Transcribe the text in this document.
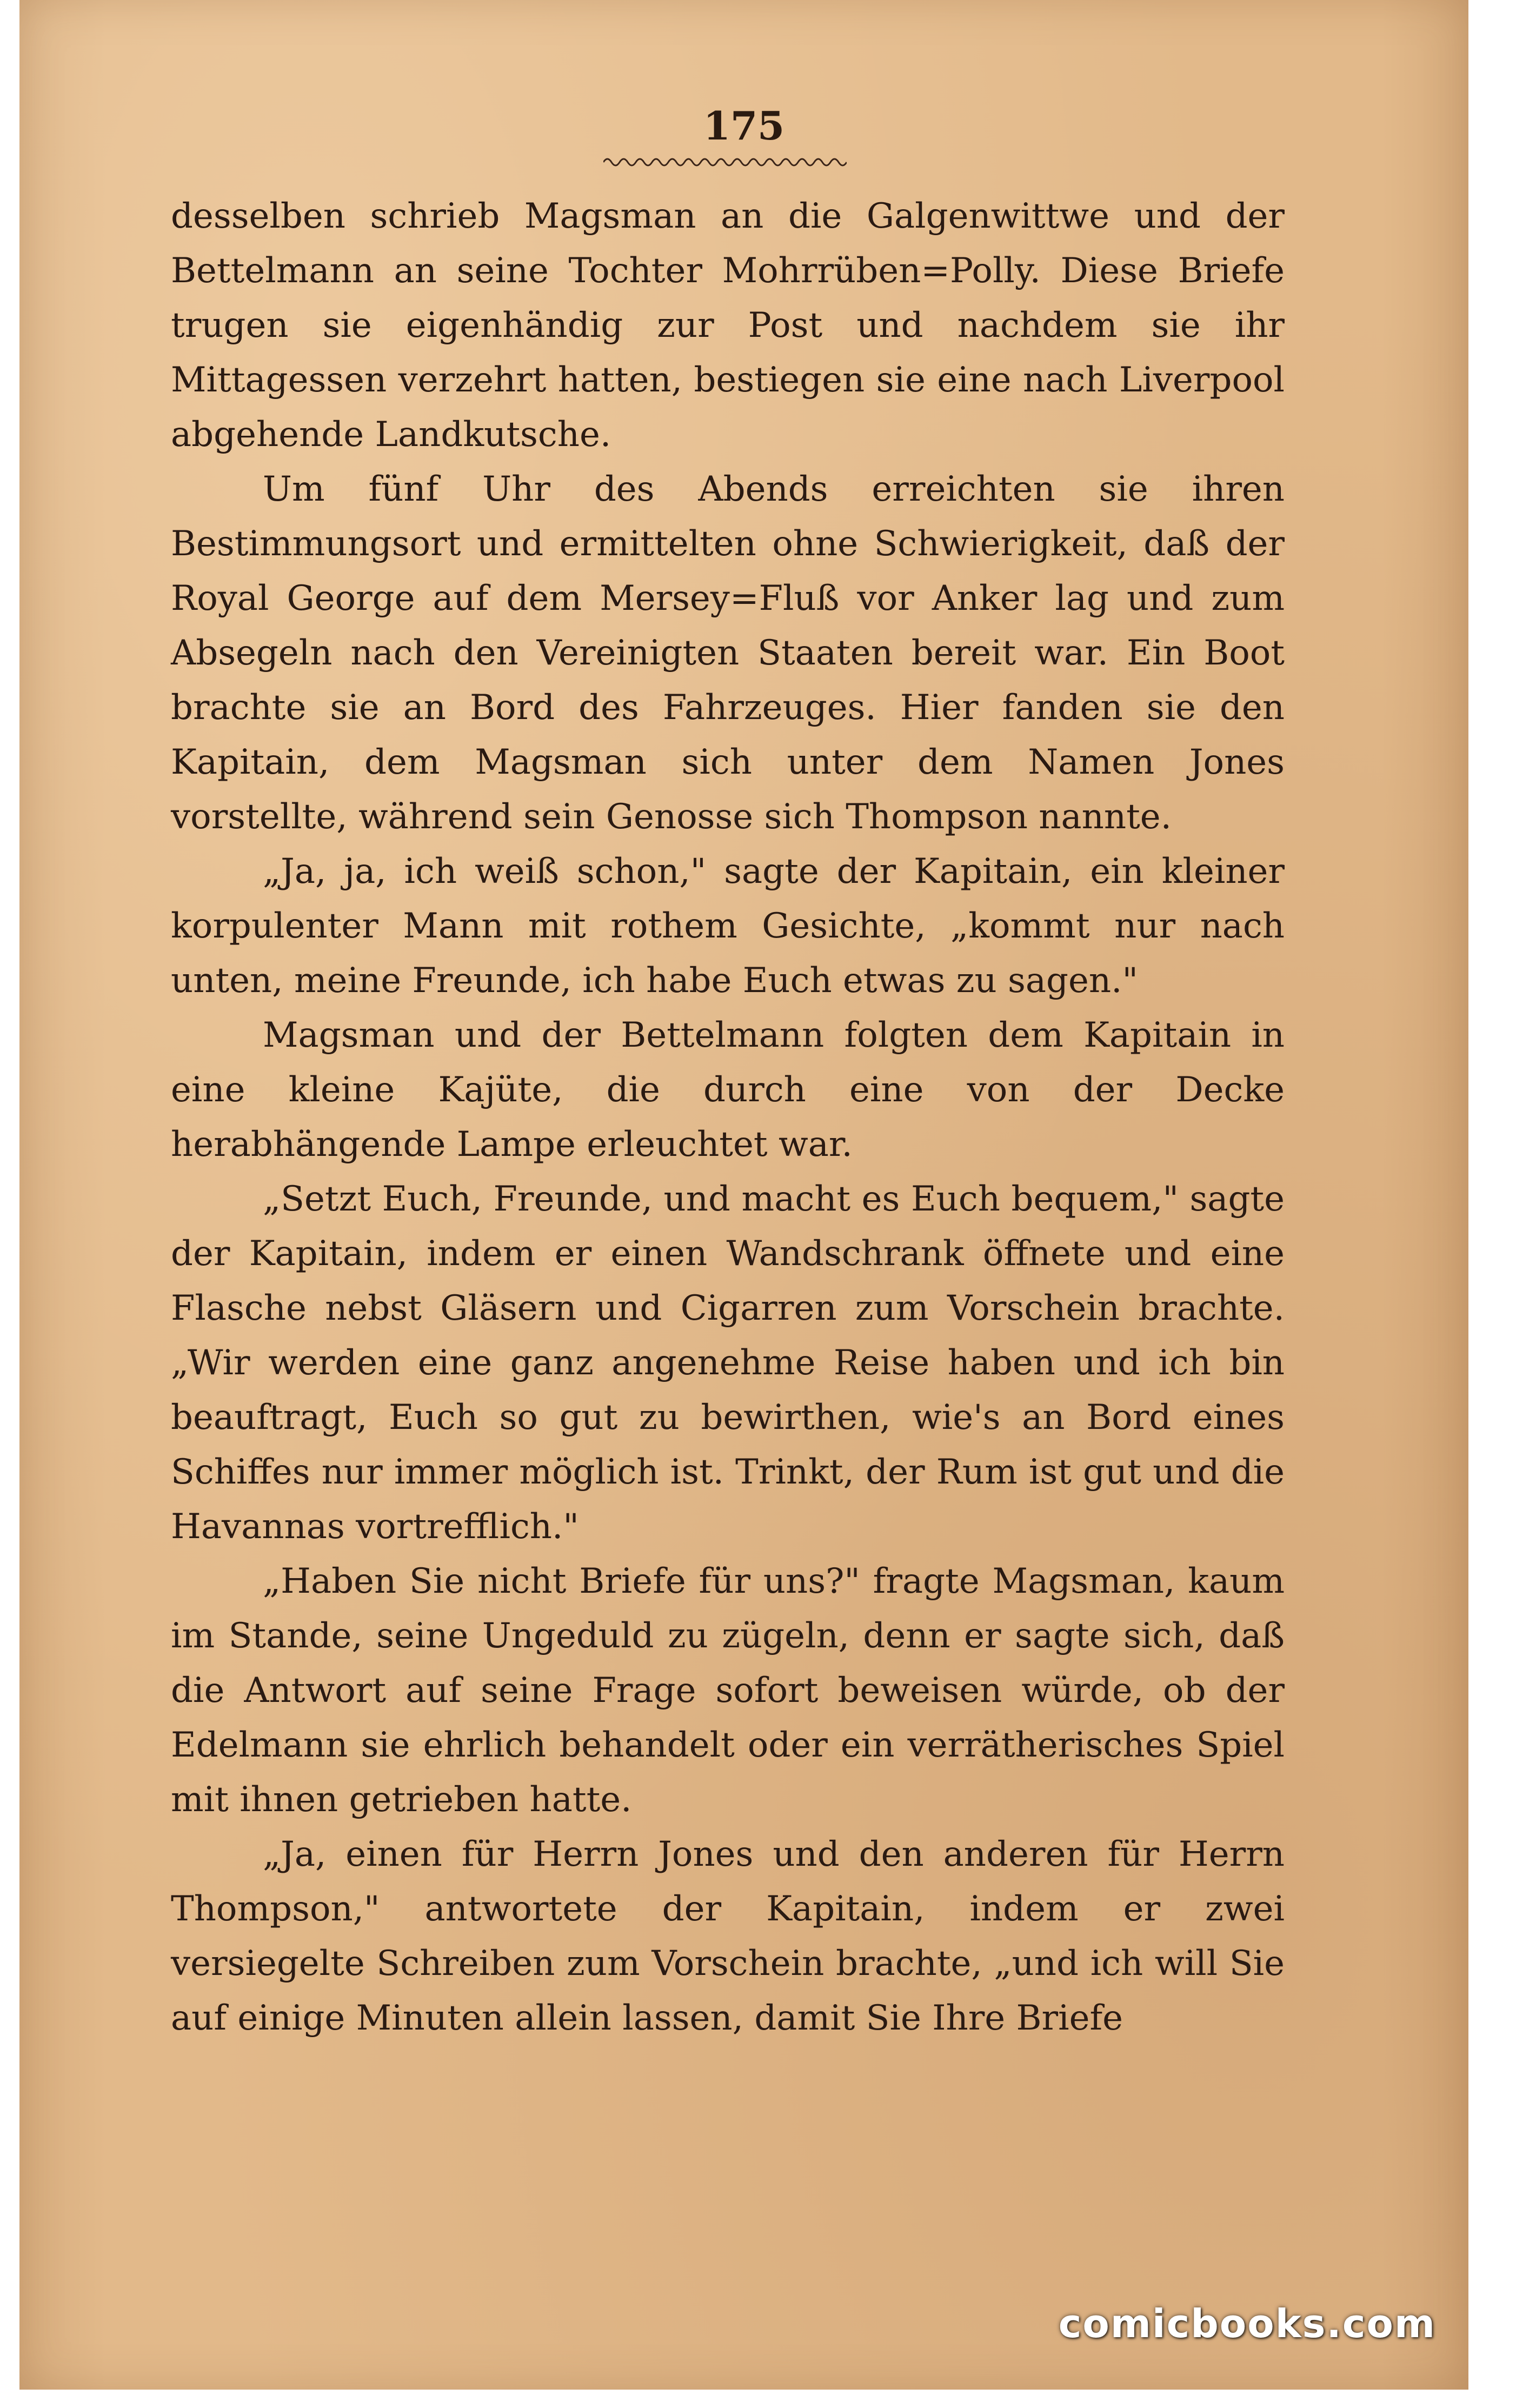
175

desselben schrieb Magsman an die Galgenwittwe und der Bettelmann an seine Tochter Mohrrüben=Polly. Diese Briefe trugen sie eigenhändig zur Post und nachdem sie ihr Mittagessen verzehrt hatten, bestiegen sie eine nach Liverpool abgehende Landkutsche.

Um fünf Uhr des Abends erreichten sie ihren Bestimmungsort und ermittelten ohne Schwierigkeit, daß der Royal George auf dem Mersey=Fluß vor Anker lag und zum Absegeln nach den Vereinigten Staaten bereit war. Ein Boot brachte sie an Bord des Fahrzeuges. Hier fanden sie den Kapitain, dem Magsman sich unter dem Namen Jones vorstellte, während sein Genosse sich Thompson nannte.

„Ja, ja, ich weiß schon," sagte der Kapitain, ein kleiner korpulenter Mann mit rothem Gesichte, „kommt nur nach unten, meine Freunde, ich habe Euch etwas zu sagen."

Magsman und der Bettelmann folgten dem Kapitain in eine kleine Kajüte, die durch eine von der Decke herabhängende Lampe erleuchtet war.

„Setzt Euch, Freunde, und macht es Euch bequem," sagte der Kapitain, indem er einen Wandschrank öffnete und eine Flasche nebst Gläsern und Cigarren zum Vorschein brachte. „Wir werden eine ganz angenehme Reise haben und ich bin beauftragt, Euch so gut zu bewirthen, wie's an Bord eines Schiffes nur immer möglich ist. Trinkt, der Rum ist gut und die Havannas vortrefflich."

„Haben Sie nicht Briefe für uns?" fragte Magsman, kaum im Stande, seine Ungeduld zu zügeln, denn er sagte sich, daß die Antwort auf seine Frage sofort beweisen würde, ob der Edelmann sie ehrlich behandelt oder ein verrätherisches Spiel mit ihnen getrieben hatte.

„Ja, einen für Herrn Jones und den anderen für Herrn Thompson," antwortete der Kapitain, indem er zwei versiegelte Schreiben zum Vorschein brachte, „und ich will Sie auf einige Minuten allein lassen, damit Sie Ihre Briefe

comicbooks.com
